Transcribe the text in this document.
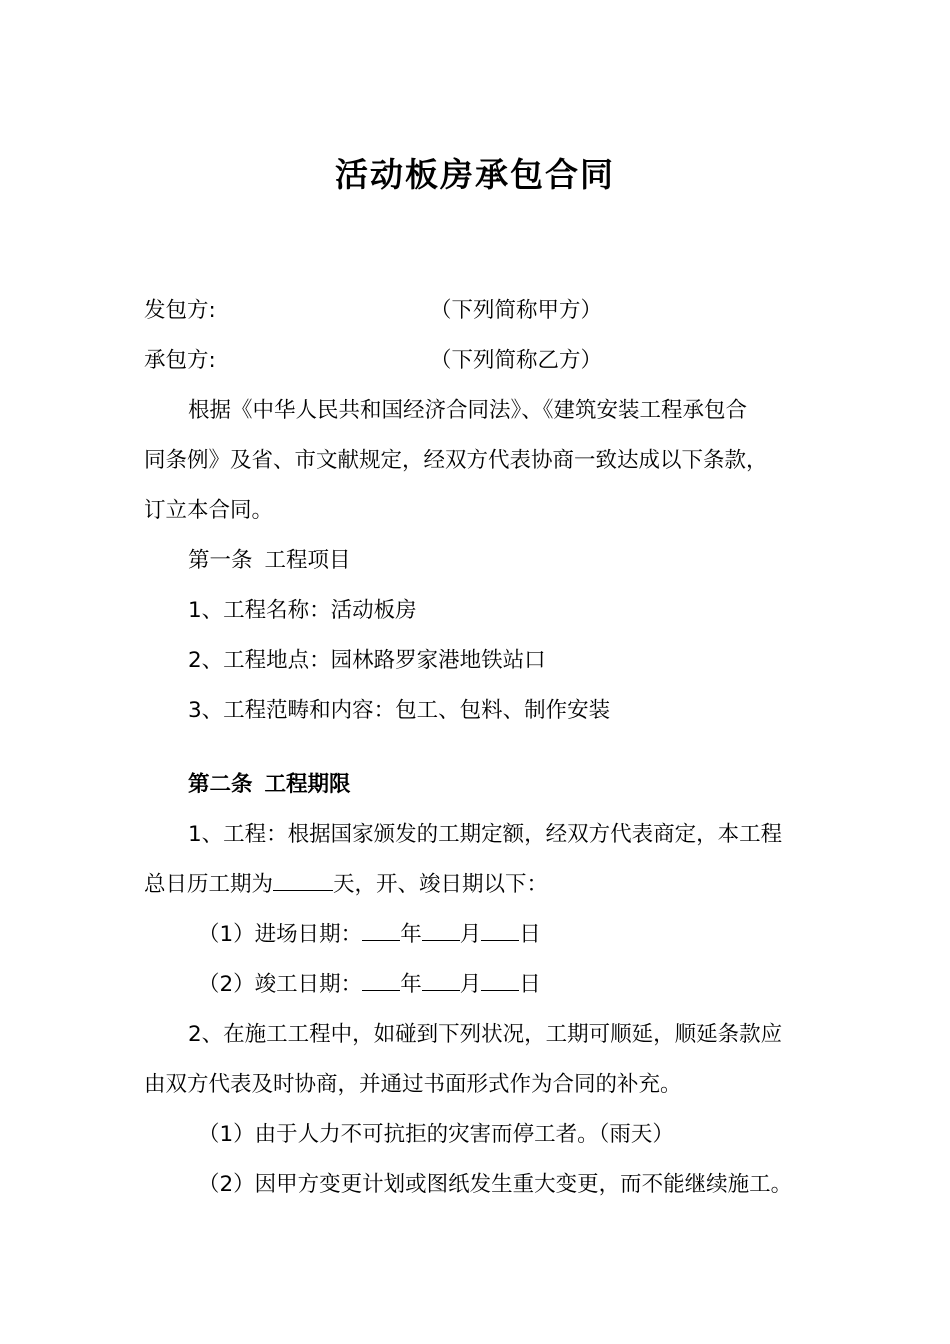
活动板房承包合同
发包方:	（下列简称甲方）
承包方:	（下列简称乙方）
根据《中华人民共和国经济合同法》、《建筑安装工程承包合
同条例》及省、市文献规定，经双方代表协商一致达成以下条款，
订立本合同。
第一条 工程项目
1、工程名称：活动板房
2、工程地点：园林路罗家港地铁站口
3、工程范畴和内容：包工、包料、制作安装
第二条 工程期限
1、工程：根据国家颁发的工期定额，经双方代表商定，本工程
总日历工期为	天，开、竣日期以下：
（1）进场日期： 年 月 日
（2）竣工日期： 年 月 日
2、在施工工程中，如碰到下列状况，工期可顺延，顺延条款应
由双方代表及时协商，并通过书面形式作为合同的补充。
（1）由于人力不可抗拒的灾害而停工者。（雨天）
（2）因甲方变更计划或图纸发生重大变更，而不能继续施工。
